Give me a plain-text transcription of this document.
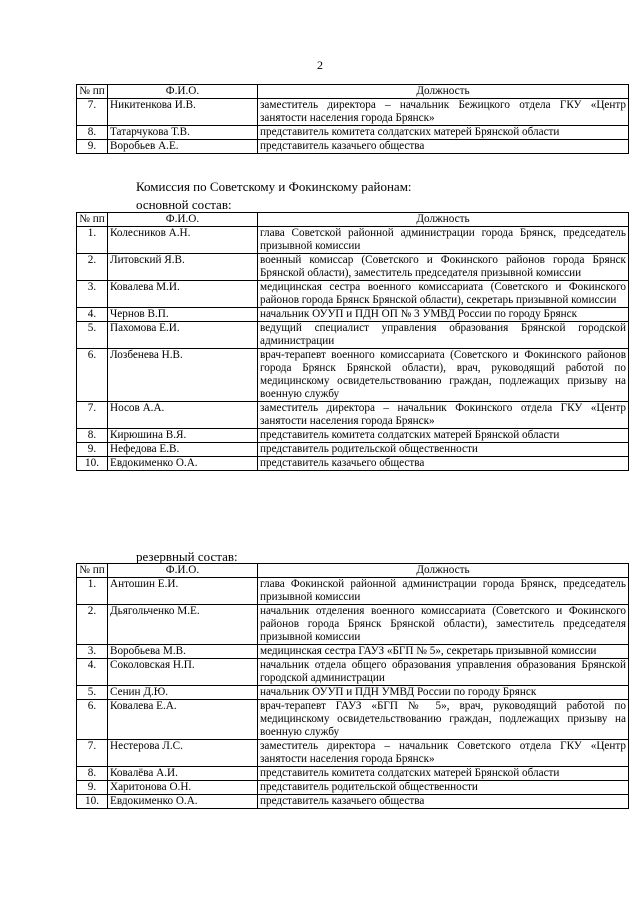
2
№ пп	Ф.И.О.	Должность
7.	Никитенкова И.В.	заместитель директора – начальник Бежицкого отдела ГКУ «Центр занятости населения города Брянск»
8.	Татарчукова Т.В.	представитель комитета солдатских матерей Брянской области
9.	Воробьев А.Е.	представитель казачьего общества
Комиссия по Советскому и Фокинскому районам:
основной состав:
№ пп	Ф.И.О.	Должность
1.	Колесников А.Н.	глава Советской районной администрации города Брянск, председатель призывной комиссии
2.	Литовский Я.В.	военный комиссар (Советского и Фокинского районов города Брянск Брянской области), заместитель председателя призывной комиссии
3.	Ковалева М.И.	медицинская сестра военного комиссариата (Советского и Фокинского районов города Брянск Брянской области), секретарь призывной комиссии
4.	Чернов В.П.	начальник ОУУП и ПДН ОП № 3 УМВД России по городу Брянск
5.	Пахомова Е.И.	ведущий специалист управления образования Брянской городской администрации
6.	Лозбенева Н.В.	врач-терапевт военного комиссариата (Советского и Фокинского районов города Брянск Брянской области), врач, руководящий работой по медицинскому освидетельствованию граждан, подлежащих призыву на военную службу
7.	Носов А.А.	заместитель директора – начальник Фокинского отдела ГКУ «Центр занятости населения города Брянск»
8.	Кирюшина В.Я.	представитель комитета солдатских матерей Брянской области
9.	Нефедова Е.В.	представитель родительской общественности
10.	Евдокименко О.А.	представитель казачьего общества
резервный состав:
№ пп	Ф.И.О.	Должность
1.	Антошин Е.И.	глава Фокинской районной администрации города Брянск, председатель призывной комиссии
2.	Дьягольченко М.Е.	начальник отделения военного комиссариата (Советского и Фокинского районов города Брянск Брянской области), заместитель председателя призывной комиссии
3.	Воробьева М.В.	медицинская сестра ГАУЗ «БГП № 5», секретарь призывной комиссии
4.	Соколовская Н.П.	начальник отдела общего образования управления образования Брянской городской администрации
5.	Сенин Д.Ю.	начальник ОУУП и ПДН УМВД России по городу Брянск
6.	Ковалева Е.А.	врач-терапевт ГАУЗ «БГП № 5», врач, руководящий работой по медицинскому освидетельствованию граждан, подлежащих призыву на военную службу
7.	Нестерова Л.С.	заместитель директора – начальник Советского отдела ГКУ «Центр занятости населения города Брянск»
8.	Ковалёва А.И.	представитель комитета солдатских матерей Брянской области
9.	Харитонова О.Н.	представитель родительской общественности
10.	Евдокименко О.А.	представитель казачьего общества
